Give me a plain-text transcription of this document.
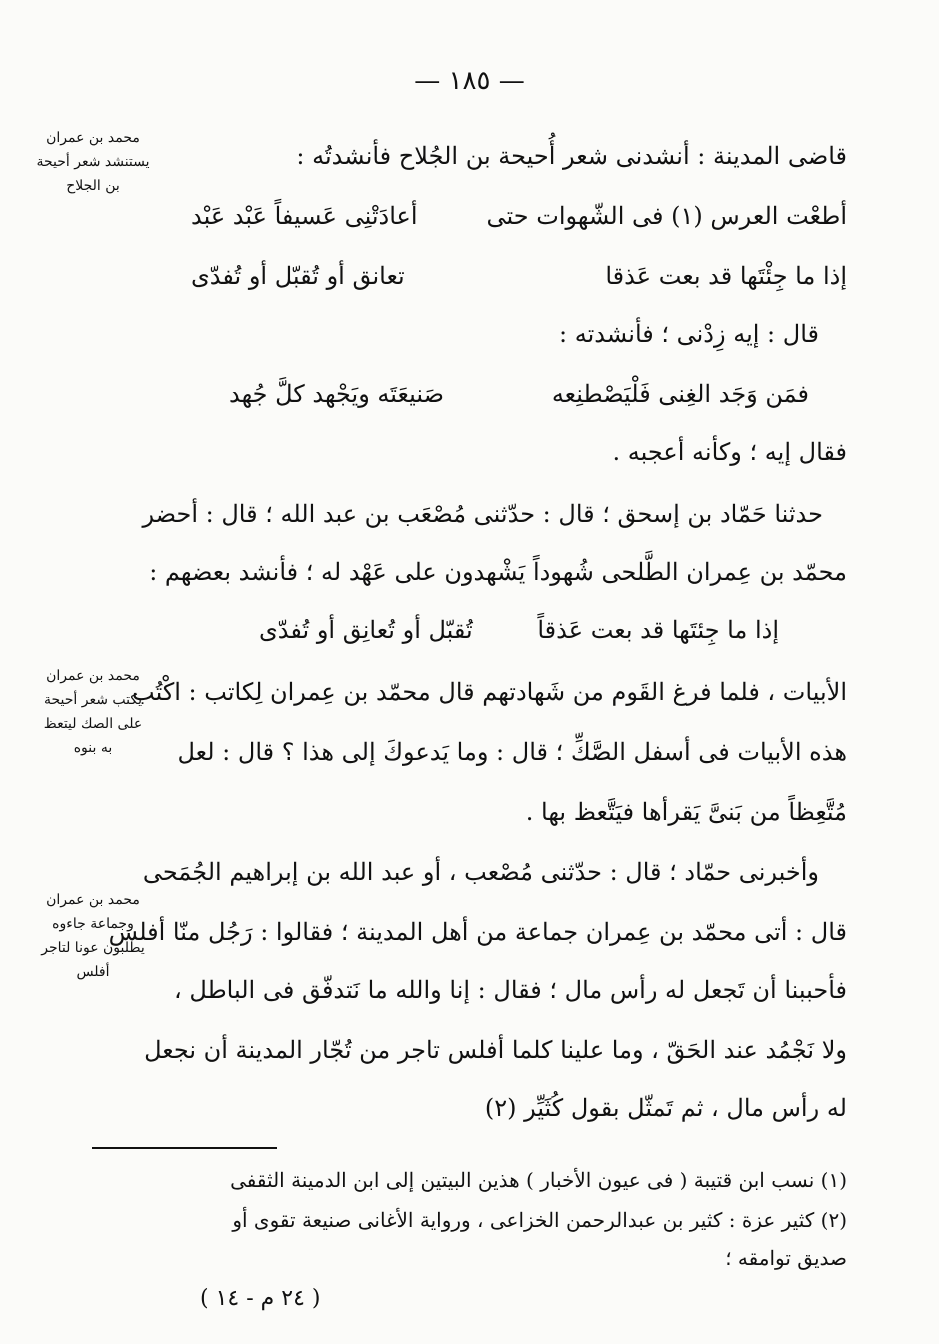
— ١٨٥ —
محمد بن عمران
يستنشد شعر أحيحة
بن الجلاح
محمد بن عمران
يكتب شعر أحيحة
على الصك ليتعظ
به بنوه
محمد بن عمران
وجماعة جاءوه
يطلبون عونا لتاجر
أفلس
قاضى المدينة : أنشدنى شعر أُحيحة بن الجُلاح فأنشدتُه :
أطعْت العرس (١) فى الشّهوات حتى
أعادَتْنِى عَسيفاً عَبْد عَبْد
إذا ما جِئْتَها قد بعت عَذقا
تعانق أو تُقبّل أو تُفدّى
قال : إيه زِدْنى ؛ فأنشدته :
فمَن وَجَد الغِنى فَلْيَصْطنِعه
صَنيعَتَه ويَجْهد كلَّ جُهد
فقال إيه ؛ وكأنه أعجبه .
حدثنا حَمّاد بن إسحق ؛ قال : حدّثنى مُصْعَب بن عبد الله ؛ قال : أحضر
محمّد بن عِمران الطَّلحى شُهوداً يَشْهدون على عَهْد له ؛ فأنشد بعضهم :
إذا ما جِئتَها قد بعت عَذقاً
تُقبّل أو تُعانِق أو تُفدّى
الأبيات ، فلما فرغ القَوم من شَهادتهم قال محمّد بن عِمران لِكاتب : اكْتُب
هذه الأبيات فى أسفل الصَّكِّ ؛ قال : وما يَدعوكَ إلى هذا ؟ قال : لعل
مُتَّعِظاً من بَنىَّ يَقرأها فيَتَّعظ بها .
وأخبرنى حمّاد ؛ قال : حدّثنى مُصْعب ، أو عبد الله بن إبراهيم الجُمَحى
قال : أتى محمّد بن عِمران جماعة من أهل المدينة ؛ فقالوا : رَجُل منّا أفلس
فأحببنا أن تَجعل له رأس مال ؛ فقال : إنا والله ما نَتدفّق فى الباطل ،
ولا نَجْمُد عند الحَقّ ، وما علينا كلما أفلس تاجر من تُجّار المدينة أن نجعل
له رأس مال ، ثم تَمثّل بقول كُثَيِّر (٢)
(١) نسب ابن قتيبة ( فى عيون الأخبار ) هذين البيتين إلى ابن الدمينة الثقفى
(٢) كثير عزة : كثير بن عبدالرحمن الخزاعى ، ورواية الأغانى صنيعة تقوى أو
صديق توامقه ؛
( ٢٤ م - ١٤ )
